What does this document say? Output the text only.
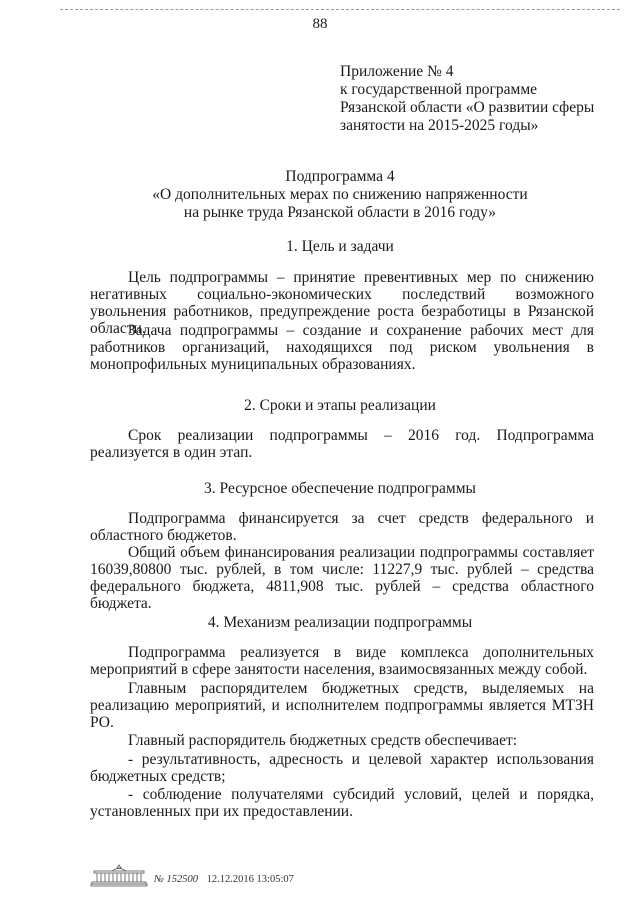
88
Приложение № 4
к государственной программе
Рязанской области «О развитии сферы
занятости на 2015-2025 годы»
Подпрограмма 4
«О дополнительных мерах по снижению напряженности
на рынке труда Рязанской области в 2016 году»
1. Цель и задачи
Цель подпрограммы – принятие превентивных мер по снижению негативных социально-экономических последствий возможного увольнения работников, предупреждение роста безработицы в Рязанской области.
Задача подпрограммы – создание и сохранение рабочих мест для работников организаций, находящихся под риском увольнения в монопрофильных муниципальных образованиях.
2. Сроки и этапы реализации
Срок реализации подпрограммы – 2016 год. Подпрограмма реализуется в один этап.
3. Ресурсное обеспечение подпрограммы
Подпрограмма финансируется за счет средств федерального и областного бюджетов.
Общий объем финансирования реализации подпрограммы составляет 16039,80800 тыс. рублей, в том числе: 11227,9 тыс. рублей – средства федерального бюджета, 4811,908 тыс. рублей – средства областного бюджета.
4. Механизм реализации подпрограммы
Подпрограмма реализуется в виде комплекса дополнительных мероприятий в сфере занятости населения, взаимосвязанных между собой.
Главным распорядителем бюджетных средств, выделяемых на реализацию мероприятий, и исполнителем подпрограммы является МТЗН РО.
Главный распорядитель бюджетных средств обеспечивает:
- результативность, адресность и целевой характер использования бюджетных средств;
- соблюдение получателями субсидий условий, целей и порядка, установленных при их предоставлении.
№ 152500 12.12.2016 13:05:07
